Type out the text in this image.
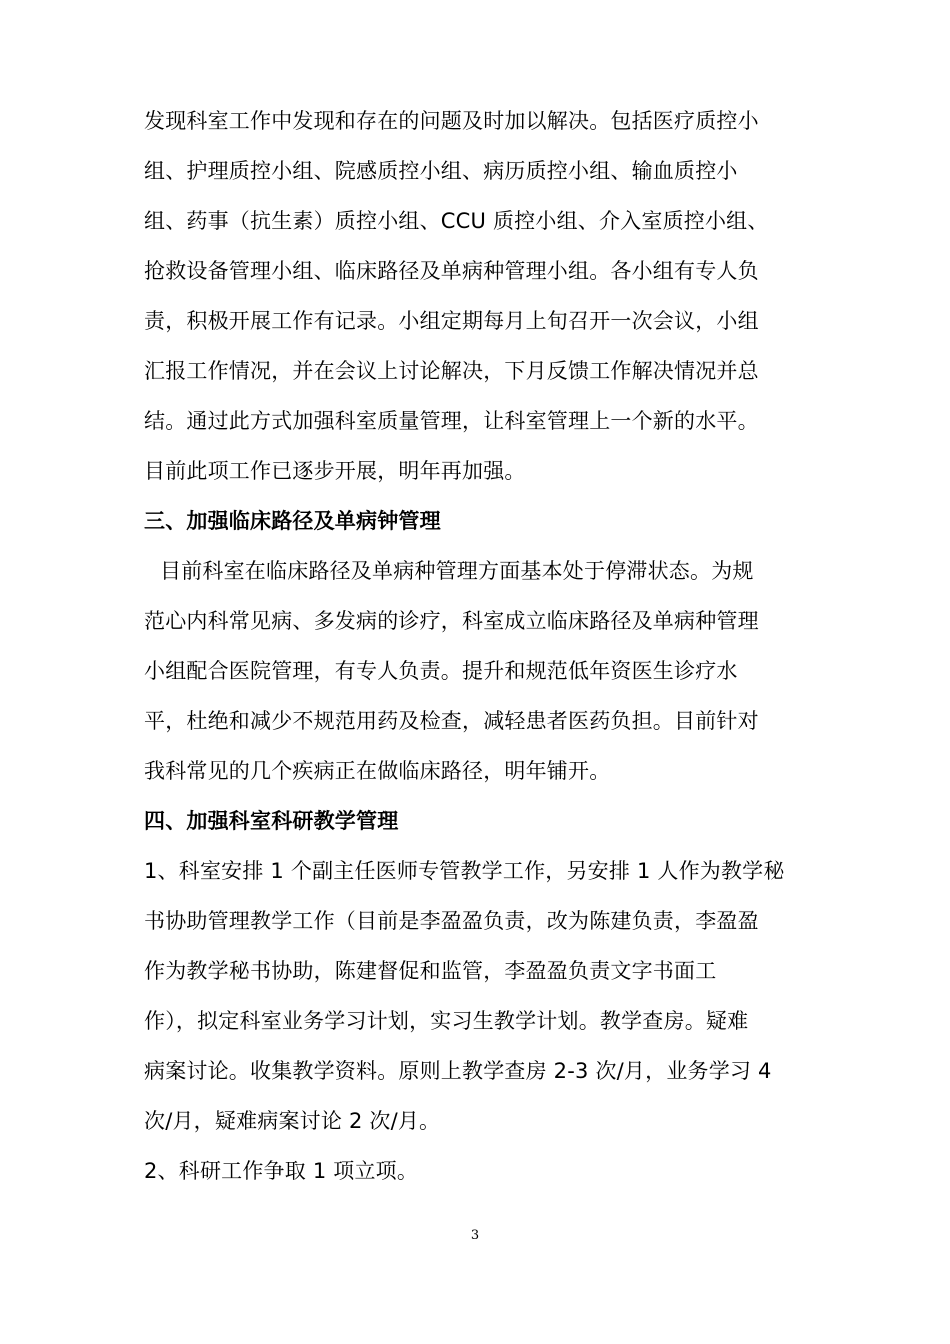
发现科室工作中发现和存在的问题及时加以解决。包括医疗质控小
组、护理质控小组、院感质控小组、病历质控小组、输血质控小
组、药事（抗生素）质控小组、CCU 质控小组、介入室质控小组、
抢救设备管理小组、临床路径及单病种管理小组。各小组有专人负
责，积极开展工作有记录。小组定期每月上旬召开一次会议，小组
汇报工作情况，并在会议上讨论解决，下月反馈工作解决情况并总
结。通过此方式加强科室质量管理，让科室管理上一个新的水平。
目前此项工作已逐步开展，明年再加强。
三、加强临床路径及单病钟管理
目前科室在临床路径及单病种管理方面基本处于停滞状态。为规
范心内科常见病、多发病的诊疗，科室成立临床路径及单病种管理
小组配合医院管理，有专人负责。提升和规范低年资医生诊疗水
平，杜绝和减少不规范用药及检查，减轻患者医药负担。目前针对
我科常见的几个疾病正在做临床路径，明年铺开。
四、加强科室科研教学管理
1、科室安排 1 个副主任医师专管教学工作，另安排 1 人作为教学秘
书协助管理教学工作（目前是李盈盈负责，改为陈建负责，李盈盈
作为教学秘书协助，陈建督促和监管，李盈盈负责文字书面工
作），拟定科室业务学习计划，实习生教学计划。教学查房。疑难
病案讨论。收集教学资料。原则上教学查房 2-3 次/月，业务学习 4
次/月，疑难病案讨论 2 次/月。
2、科研工作争取 1 项立项。
3
